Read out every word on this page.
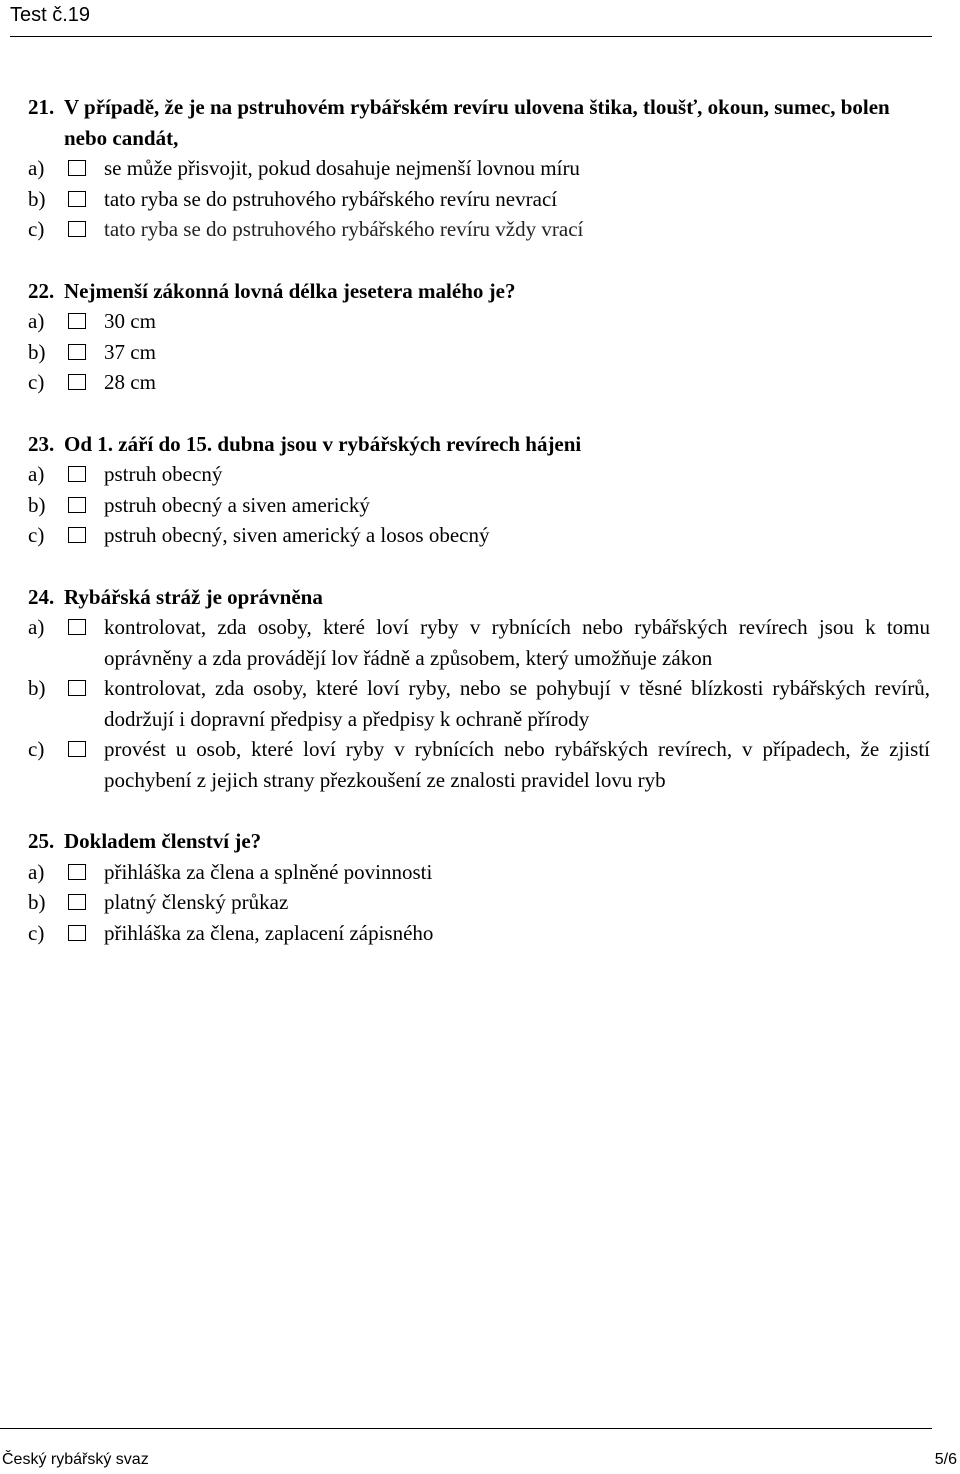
Test č.19
21. V případě, že je na pstruhovém rybářském revíru ulovena štika, tloušť, okoun, sumec, bolen nebo candát,
a)	se může přisvojit, pokud dosahuje nejmenší lovnou míru
b)	tato ryba se do pstruhového rybářského revíru nevrací
c)	tato ryba se do pstruhového rybářského revíru vždy vrací
22. Nejmenší zákonná lovná délka jesetera malého je?
a)	30 cm
b)	37 cm
c)	28 cm
23. Od 1. září do 15. dubna jsou v rybářských revírech hájeni
a)	pstruh obecný
b)	pstruh obecný a siven americký
c)	pstruh obecný, siven americký a losos obecný
24. Rybářská stráž je oprávněna
a)	kontrolovat, zda osoby, které loví ryby v rybnících nebo rybářských revírech jsou k tomu oprávněny a zda provádějí lov řádně a způsobem, který umožňuje zákon
b)	kontrolovat, zda osoby, které loví ryby, nebo se pohybují v těsné blízkosti rybářských revírů, dodržují i dopravní předpisy a předpisy k ochraně přírody
c)	provést u osob, které loví ryby v rybnících nebo rybářských revírech, v případech, že zjistí pochybení z jejich strany přezkoušení ze znalosti pravidel lovu ryb
25. Dokladem členství je?
a)	přihláška za člena a splněné povinnosti
b)	platný členský průkaz
c)	přihláška za člena, zaplacení zápisného
Český rybářský svaz	5/6
